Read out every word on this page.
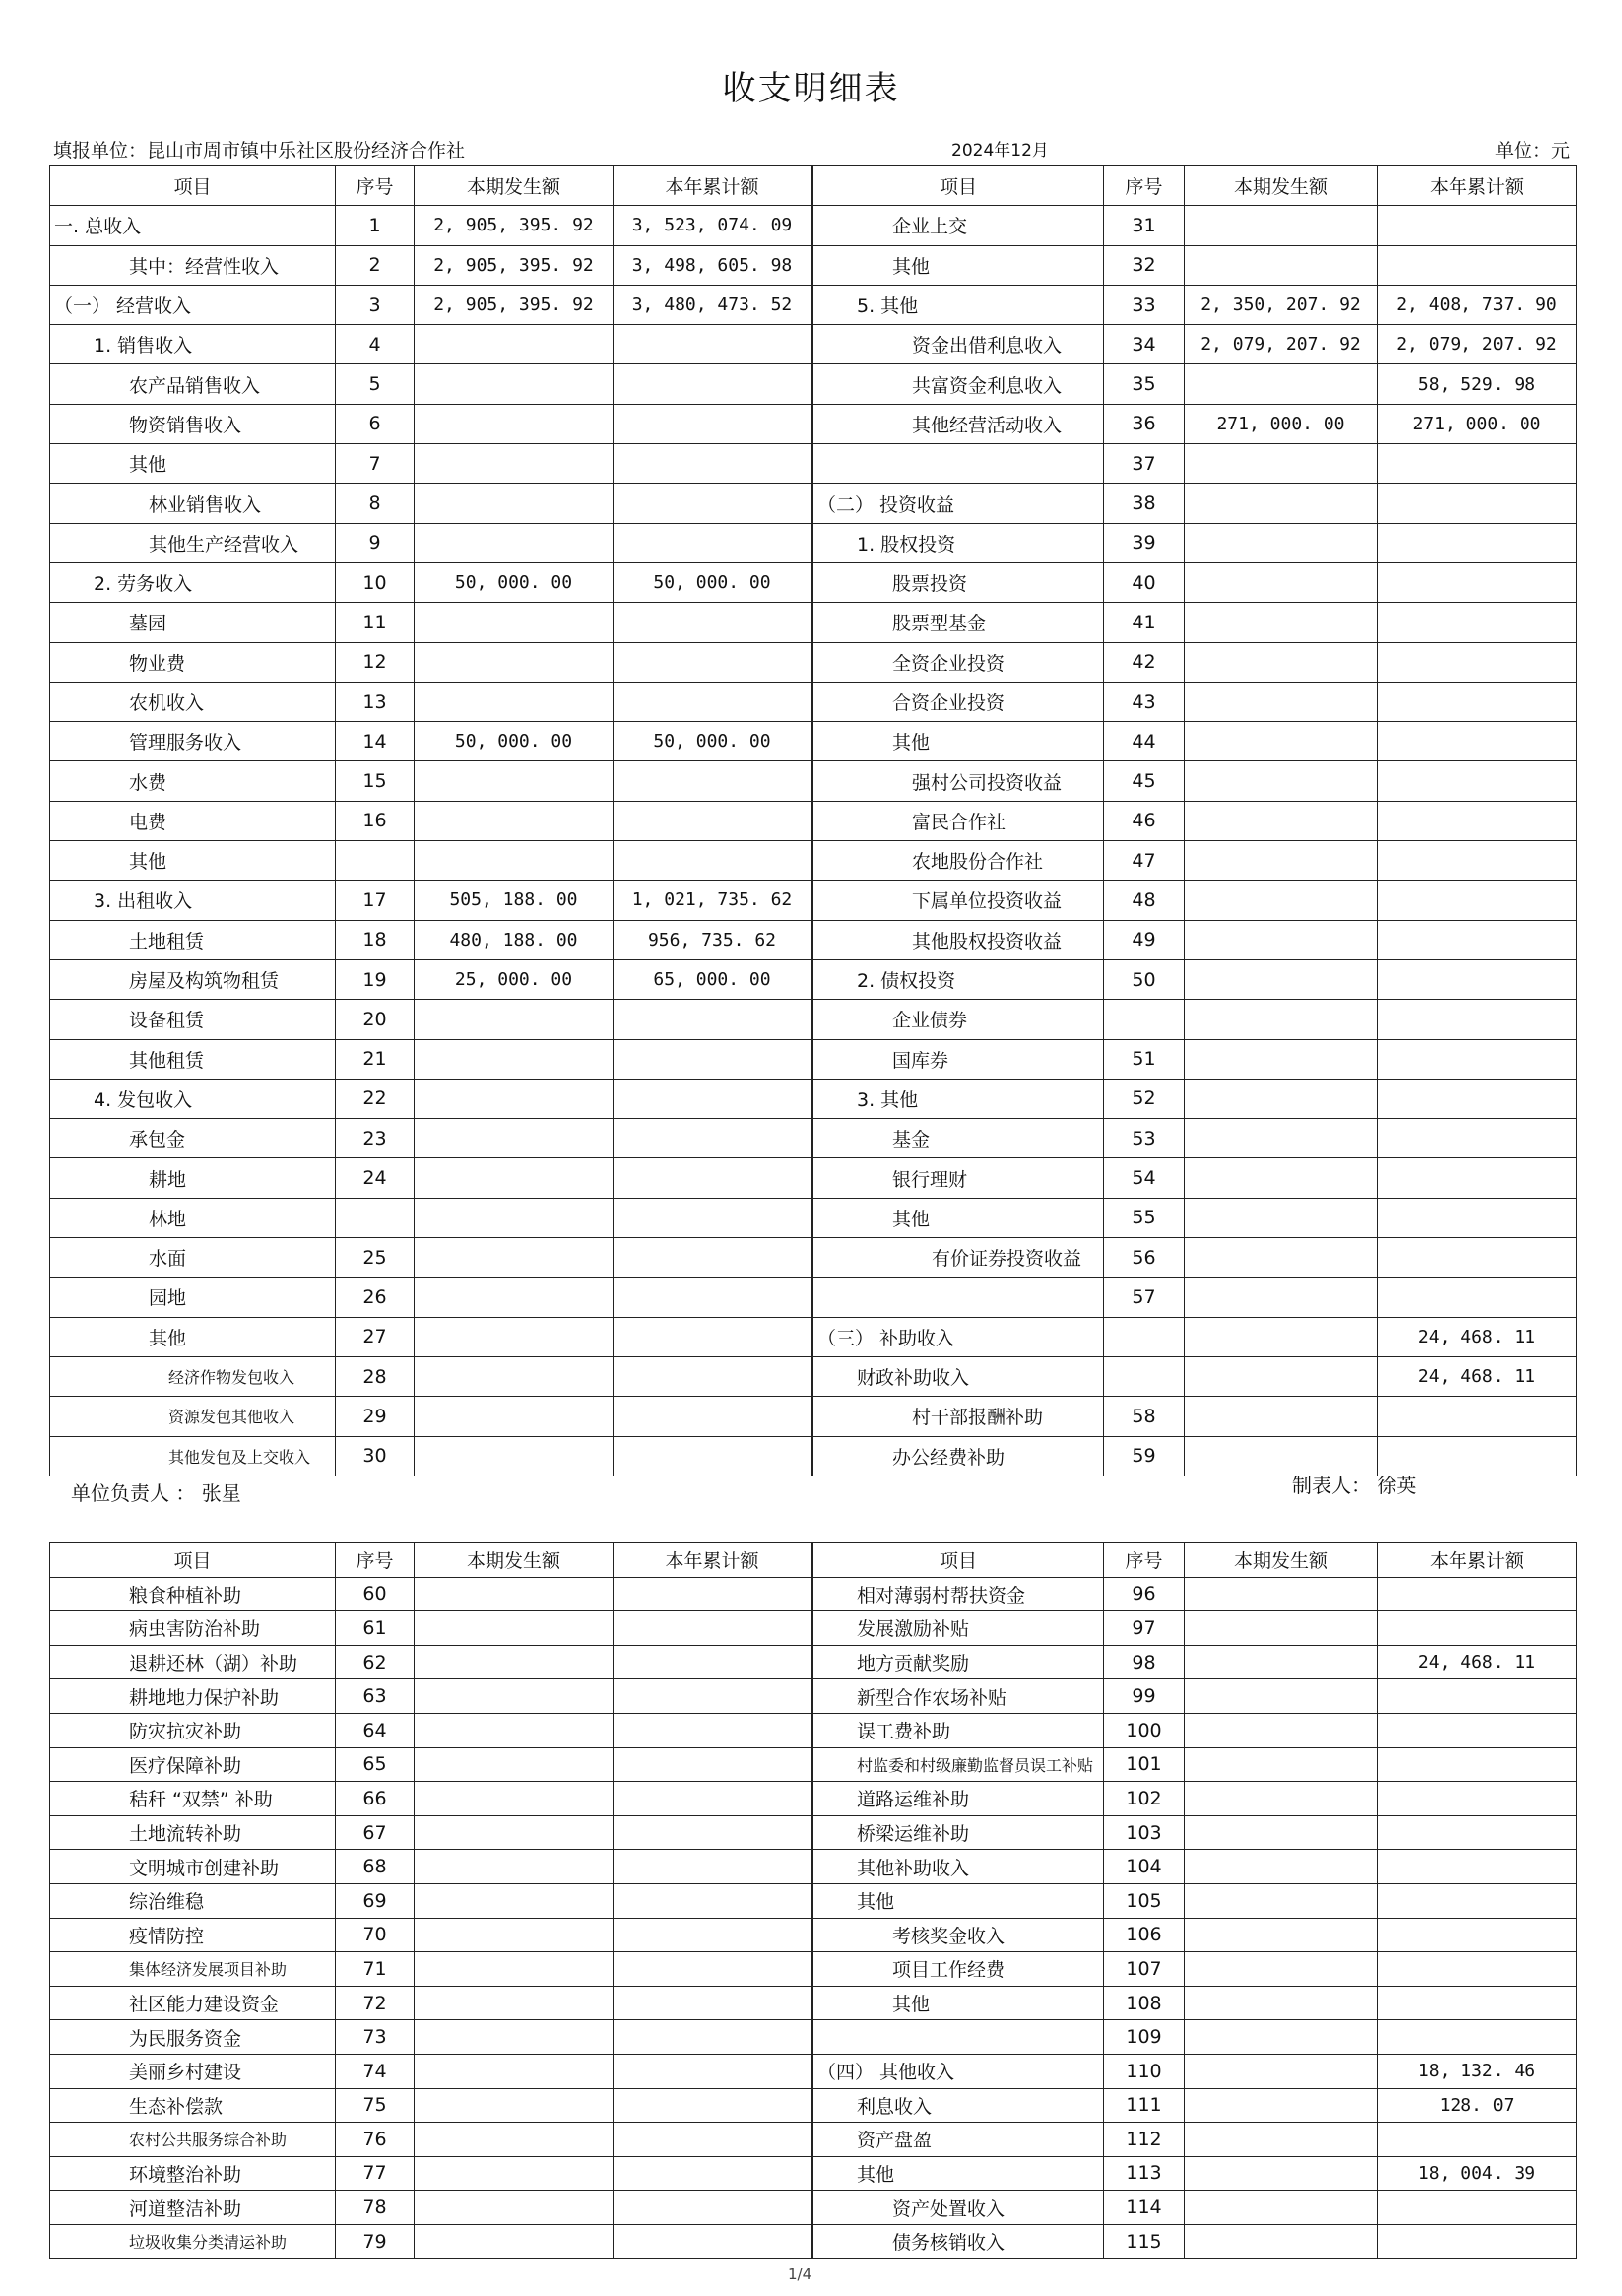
收支明细表
填报单位：昆山市周市镇中乐社区股份经济合作社	2024年12月	单位：元
项目	序号	本期发生额	本年累计额	项目	序号	本期发生额	本年累计额
一. 总收入	1	2, 905, 395. 92	3, 523, 074. 09	企业上交	31		
其中：经营性收入	2	2, 905, 395. 92	3, 498, 605. 98	其他	32		
（一） 经营收入	3	2, 905, 395. 92	3, 480, 473. 52	5. 其他	33	2, 350, 207. 92	2, 408, 737. 90
1. 销售收入	4			资金出借利息收入	34	2, 079, 207. 92	2, 079, 207. 92
农产品销售收入	5			共富资金利息收入	35		58, 529. 98
物资销售收入	6			其他经营活动收入	36	271, 000. 00	271, 000. 00
其他	7				37		
林业销售收入	8			（二） 投资收益	38		
其他生产经营收入	9			1. 股权投资	39		
2. 劳务收入	10	50, 000. 00	50, 000. 00	股票投资	40		
墓园	11			股票型基金	41		
物业费	12			全资企业投资	42		
农机收入	13			合资企业投资	43		
管理服务收入	14	50, 000. 00	50, 000. 00	其他	44		
水费	15			强村公司投资收益	45		
电费	16			富民合作社	46		
其他				农地股份合作社	47		
3. 出租收入	17	505, 188. 00	1, 021, 735. 62	下属单位投资收益	48		
土地租赁	18	480, 188. 00	956, 735. 62	其他股权投资收益	49		
房屋及构筑物租赁	19	25, 000. 00	65, 000. 00	2. 债权投资	50		
设备租赁	20			企业债券			
其他租赁	21			国库券	51		
4. 发包收入	22			3. 其他	52		
承包金	23			基金	53		
耕地	24			银行理财	54		
林地				其他	55		
水面	25			有价证券投资收益	56		
园地	26				57		
其他	27			（三） 补助收入			24, 468. 11
经济作物发包收入	28			财政补助收入			24, 468. 11
资源发包其他收入	29			村干部报酬补助	58		
其他发包及上交收入	30			办公经费补助	59		
单位负责人 ： 张星	制表人： 徐英
项目	序号	本期发生额	本年累计额	项目	序号	本期发生额	本年累计额
粮食种植补助	60			相对薄弱村帮扶资金	96		
病虫害防治补助	61			发展激励补贴	97		
退耕还林（湖）补助	62			地方贡献奖励	98		24, 468. 11
耕地地力保护补助	63			新型合作农场补贴	99		
防灾抗灾补助	64			误工费补助	100		
医疗保障补助	65			村监委和村级廉勤监督员误工补贴	101		
秸秆 “双禁” 补助	66			道路运维补助	102		
土地流转补助	67			桥梁运维补助	103		
文明城市创建补助	68			其他补助收入	104		
综治维稳	69			其他	105		
疫情防控	70			考核奖金收入	106		
集体经济发展项目补助	71			项目工作经费	107		
社区能力建设资金	72			其他	108		
为民服务资金	73				109		
美丽乡村建设	74			（四） 其他收入	110		18, 132. 46
生态补偿款	75			利息收入	111		128. 07
农村公共服务综合补助	76			资产盘盈	112		
环境整治补助	77			其他	113		18, 004. 39
河道整洁补助	78			资产处置收入	114		
垃圾收集分类清运补助	79			债务核销收入	115		
1/4
